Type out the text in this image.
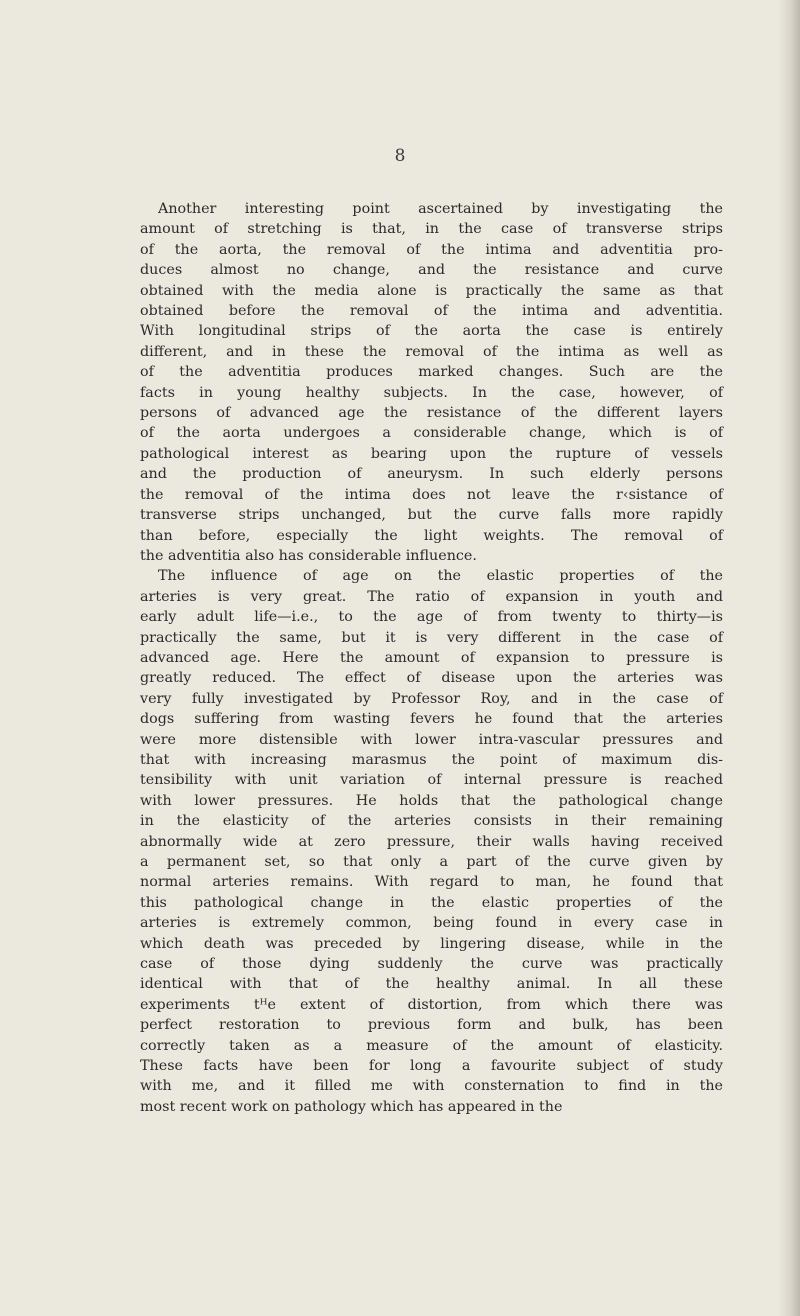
8
Another interesting point ascertained by investigating the
amount of stretching is that, in the case of transverse strips
of the aorta, the removal of the intima and adventitia pro-
duces almost no change, and the resistance and curve
obtained with the media alone is practically the same as that
obtained before the removal of the intima and adventitia.
With longitudinal strips of the aorta the case is entirely
different, and in these the removal of the intima as well as
of the adventitia produces marked changes. Such are the
facts in young healthy subjects. In the case, however, of
persons of advanced age the resistance of the different layers
of the aorta undergoes a considerable change, which is of
pathological interest as bearing upon the rupture of vessels
and the production of aneurysm. In such elderly persons
the removal of the intima does not leave the r‹sistance of
transverse strips unchanged, but the curve falls more rapidly
than before, especially the light weights. The removal of
the adventitia also has considerable influence.
The influence of age on the elastic properties of the
arteries is very great. The ratio of expansion in youth and
early adult life—i.e., to the age of from twenty to thirty—is
practically the same, but it is very different in the case of
advanced age. Here the amount of expansion to pressure is
greatly reduced. The effect of disease upon the arteries was
very fully investigated by Professor Roy, and in the case of
dogs suffering from wasting fevers he found that the arteries
were more distensible with lower intra-vascular pressures and
that with increasing marasmus the point of maximum dis-
tensibility with unit variation of internal pressure is reached
with lower pressures. He holds that the pathological change
in the elasticity of the arteries consists in their remaining
abnormally wide at zero pressure, their walls having received
a permanent set, so that only a part of the curve given by
normal arteries remains. With regard to man, he found that
this pathological change in the elastic properties of the
arteries is extremely common, being found in every case in
which death was preceded by lingering disease, while in the
case of those dying suddenly the curve was practically
identical with that of the healthy animal. In all these
experiments tᴴe extent of distortion, from which there was
perfect restoration to previous form and bulk, has been
correctly taken as a measure of the amount of elasticity.
These facts have been for long a favourite subject of study
with me, and it filled me with consternation to find in the
most recent work on pathology which has appeared in the
